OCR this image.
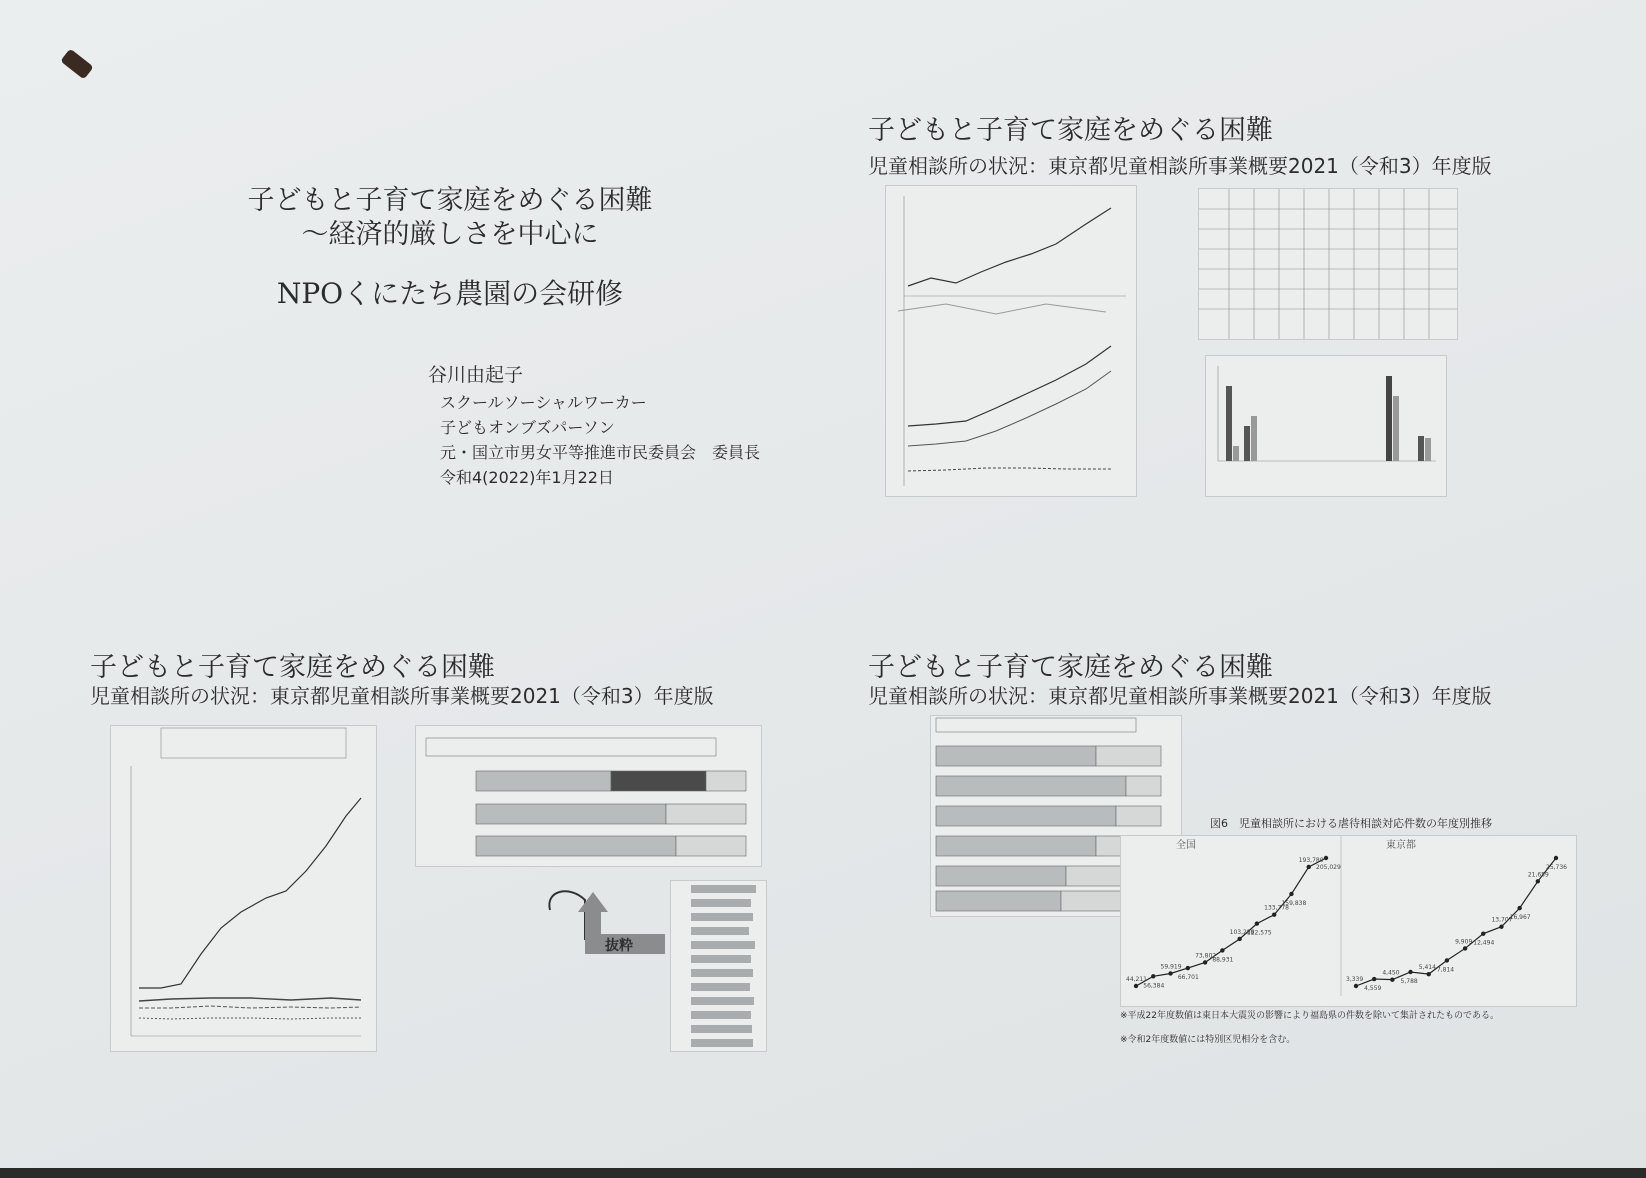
子どもと子育て家庭をめぐる困難
～経済的厳しさを中心に
NPOくにたち農園の会研修
谷川由起子
スクールソーシャルワーカー
子どもオンブズパーソン
元・国立市男女平等推進市民委員会　委員長
令和4(2022)年1月22日
子どもと子育て家庭をめぐる困難
児童相談所の状況：東京都児童相談所事業概要2021（令和3）年度版
子どもと子育て家庭をめぐる困難
児童相談所の状況：東京都児童相談所事業概要2021（令和3）年度版
抜粋
子どもと子育て家庭をめぐる困難
児童相談所の状況：東京都児童相談所事業概要2021（令和3）年度版
図6　児童相談所における虐待相談対応件数の年度別推移
全国	東京都
44,211
56,384
59,919
66,701
73,802
88,931
103,286
122,575
133,778
159,838
193,780
205,029
3,339
4,559
4,450
5,788
5,414 7,814
9,909 12,494
13,707
16,967
21,659
25,736
※平成22年度数値は東日本大震災の影響により福島県の件数を除いて集計されたものである。
※令和2年度数値には特別区児相分を含む。
